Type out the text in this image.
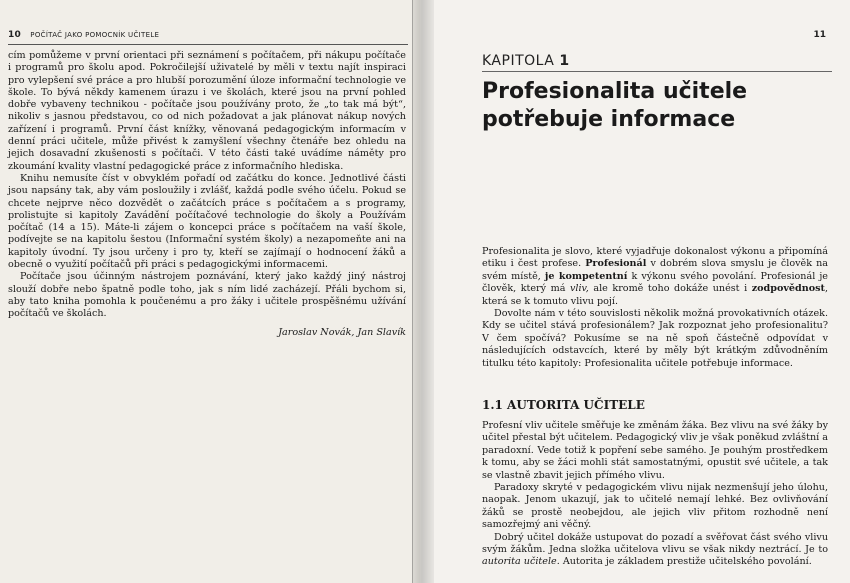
10 POČÍTAČ JAKO POMOCNÍK UČITELE

cím pomůžeme v první orientaci při seznámení s počítačem, při nákupu počítače i programů pro školu apod. Pokročilejší uživatelé by měli v textu najít inspiraci pro vylepšení své práce a pro hlubší porozumění úloze informační technologie ve škole. To bývá někdy kamenem úrazu i ve školách, které jsou na první pohled dobře vybaveny technikou - počítače jsou používány proto, že „to tak má být“, nikoliv s jasnou představou, co od nich požadovat a jak plánovat nákup nových zařízení i programů. První část knížky, věnovaná pedagogickým informacím v denní práci učitele, může přivést k zamyšlení všechny čtenáře bez ohledu na jejich dosavadní zkušenosti s počítači. V této části také uvádíme náměty pro zkoumání kvality vlastní pedagogické práce z informačního hlediska.

Knihu nemusíte číst v obvyklém pořadí od začátku do konce. Jednotlivé části jsou napsány tak, aby vám posloužily i zvlášť, každá podle svého účelu. Pokud se chcete nejprve něco dozvědět o začátcích práce s počítačem a s programy, prolistujte si kapitoly Zavádění počítačové technologie do školy a Používám počítač (14 a 15). Máte-li zájem o koncepci práce s počítačem na vaší škole, podívejte se na kapitolu šestou (Informační systém školy) a nezapomeňte ani na kapitoly úvodní. Ty jsou určeny i pro ty, kteří se zajímají o hodnocení žáků a obecně o využití počítačů při práci s pedagogickými informacemi.

Počítače jsou účinným nástrojem poznávání, který jako každý jiný nástroj slouží dobře nebo špatně podle toho, jak s ním lidé zacházejí. Přáli bychom si, aby tato kniha pomohla k poučenému a pro žáky i učitele prospěšnému užívání počítačů ve školách.

Jaroslav Novák, Jan Slavík

11
KAPITOLA 1
Profesionalita učitele
potřebuje informace

Profesionalita je slovo, které vyjadřuje dokonalost výkonu a připomíná etiku i čest profese. Profesionál v dobrém slova smyslu je člověk na svém místě, je kompetentní k výkonu svého povolání. Profesionál je člověk, který má vliv, ale kromě toho dokáže unést i zodpovědnost, která se k tomuto vlivu pojí.

Dovolte nám v této souvislosti několik možná provokativních otázek. Kdy se učitel stává profesionálem? Jak rozpoznat jeho profesionalitu? V čem spočívá? Pokusíme se na ně spoň částečně odpovídat v následujících odstavcích, které by měly být krátkým zdůvodněním titulku této kapitoly: Profesionalita učitele potřebuje informace.

1.1 AUTORITA UČITELE

Profesní vliv učitele směřuje ke změnám žáka. Bez vlivu na své žáky by učitel přestal být učitelem. Pedagogický vliv je však poněkud zvláštní a paradoxní. Vede totiž k popření sebe samého. Je pouhým prostředkem k tomu, aby se žáci mohli stát samostatnými, opustit své učitele, a tak se vlastně zbavit jejich přímého vlivu.

Paradoxy skryté v pedagogickém vlivu nijak nezmenšují jeho úlohu, naopak. Jenom ukazují, jak to učitelé nemají lehké. Bez ovlivňování žáků se prostě neobejdou, ale jejich vliv přitom rozhodně není samozřejmý ani věčný.

Dobrý učitel dokáže ustupovat do pozadí a svěřovat část svého vlivu svým žákům. Jedna složka učitelova vlivu se však nikdy neztrácí. Je to autorita učitele. Autorita je základem prestiže učitelského povolání.
